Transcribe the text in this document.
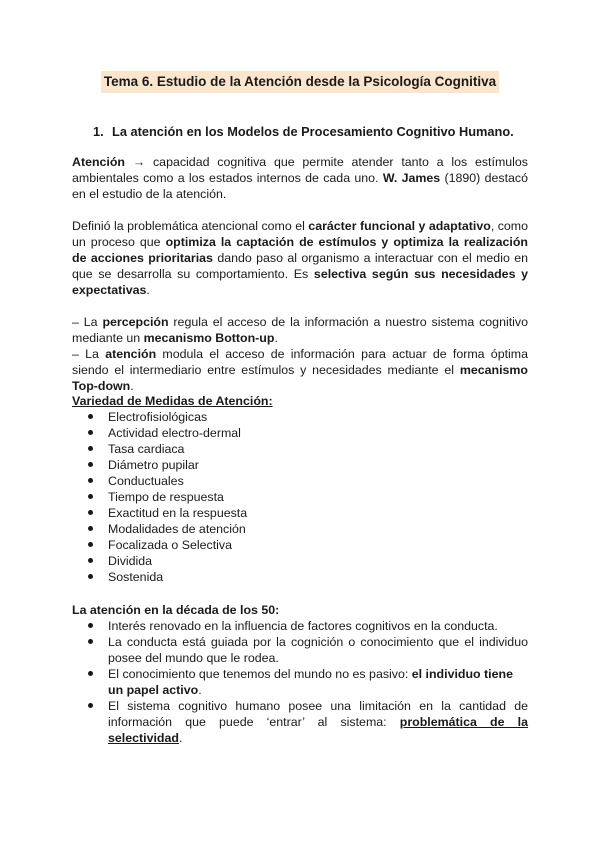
Tema 6. Estudio de la Atención desde la Psicología Cognitiva
1. La atención en los Modelos de Procesamiento Cognitivo Humano.
Atención → capacidad cognitiva que permite atender tanto a los estímulos ambientales como a los estados internos de cada uno. W. James (1890) destacó en el estudio de la atención.
Definió la problemática atencional como el carácter funcional y adaptativo, como un proceso que optimiza la captación de estímulos y optimiza la realización de acciones prioritarias dando paso al organismo a interactuar con el medio en que se desarrolla su comportamiento. Es selectiva según sus necesidades y expectativas.
– La percepción regula el acceso de la información a nuestro sistema cognitivo mediante un mecanismo Botton-up.
– La atención modula el acceso de información para actuar de forma óptima siendo el intermediario entre estímulos y necesidades mediante el mecanismo Top-down.
Variedad de Medidas de Atención:
Electrofisiológicas
Actividad electro-dermal
Tasa cardiaca
Diámetro pupilar
Conductuales
Tiempo de respuesta
Exactitud en la respuesta
Modalidades de atención
Focalizada o Selectiva
Dividida
Sostenida
La atención en la década de los 50:
Interés renovado en la influencia de factores cognitivos en la conducta.
La conducta está guiada por la cognición o conocimiento que el individuo posee del mundo que le rodea.
El conocimiento que tenemos del mundo no es pasivo: el individuo tiene un papel activo.
El sistema cognitivo humano posee una limitación en la cantidad de información que puede ‘entrar’ al sistema: problemática de la selectividad.
